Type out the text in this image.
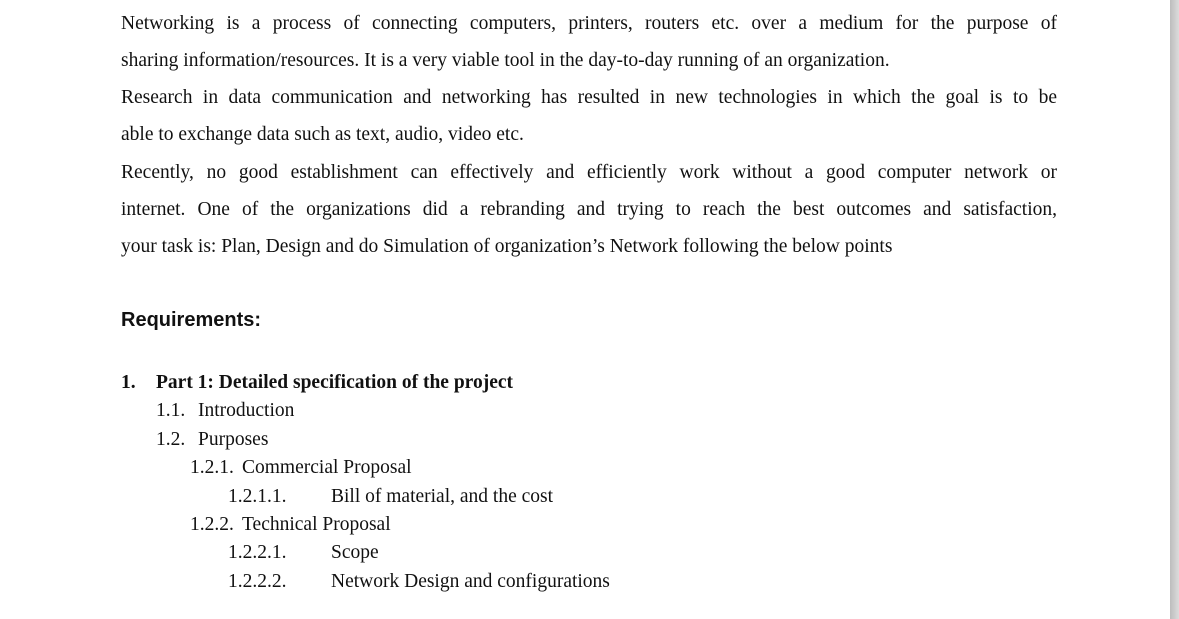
Networking is a process of connecting computers, printers, routers etc. over a medium for the purpose of
sharing information/resources. It is a very viable tool in the day-to-day running of an organization.
Research in data communication and networking has resulted in new technologies in which the goal is to be
able to exchange data such as text, audio, video etc.
Recently, no good establishment can effectively and efficiently work without a good computer network or
internet. One of the organizations did a rebranding and trying to reach the best outcomes and satisfaction,
your task is: Plan, Design and do Simulation of organization’s Network following the below points
Requirements:
1. Part 1: Detailed specification of the project
1.1. Introduction
1.2. Purposes
1.2.1. Commercial Proposal
1.2.1.1. Bill of material, and the cost
1.2.2. Technical Proposal
1.2.2.1. Scope
1.2.2.2. Network Design and configurations
